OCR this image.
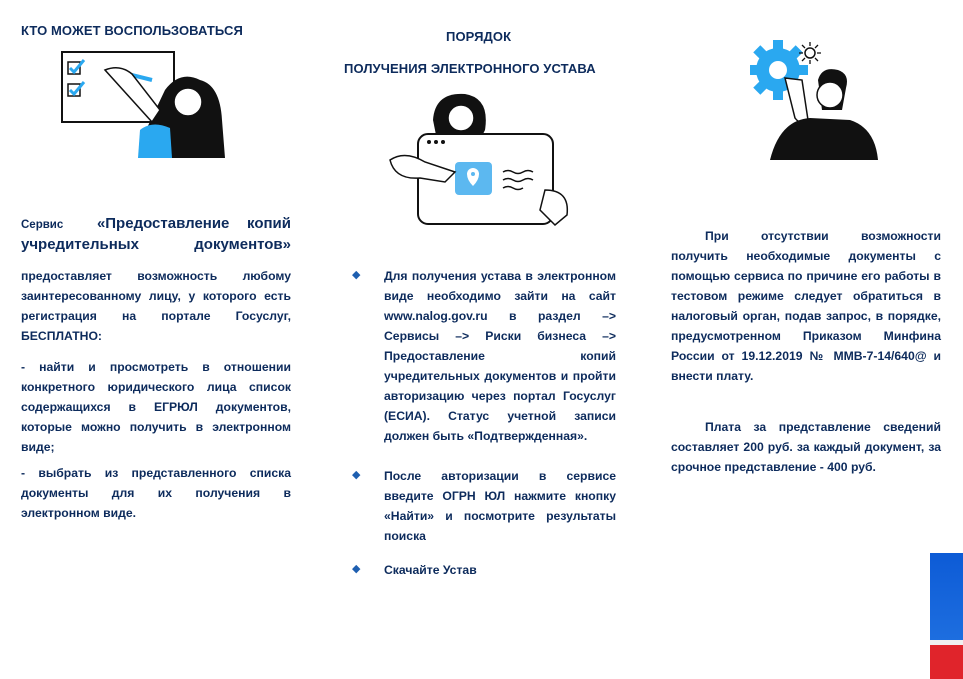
КТО МОЖЕТ ВОСПОЛЬЗОВАТЬСЯ
Сервис «Предоставление копий
учредительных документов»
предоставляет возможность любому заинтересованному лицу, у которого есть регистрация на портале Госуслуг, БЕСПЛАТНО:
- найти и просмотреть в отношении конкретного юридического лица список содержащихся в ЕГРЮЛ документов, которые можно получить в электронном виде;
- выбрать из представленного списка документы для их получения в электронном виде.
ПОРЯДОК
ПОЛУЧЕНИЯ ЭЛЕКТРОННОГО УСТАВА
◆ Для получения устава в электронном виде необходимо зайти на сайт www.nalog.gov.ru в раздел –> Сервисы –> Риски бизнеса –> Предоставление копий учредительных документов и пройти авторизацию через портал Госуслуг (ЕСИА). Статус учетной записи должен быть «Подтвержденная».
◆ После авторизации в сервисе введите ОГРН ЮЛ нажмите кнопку «Найти» и посмотрите результаты поиска
◆ Скачайте Устав
При отсутствии возможности получить необходимые документы с помощью сервиса по причине его работы в тестовом режиме следует обратиться в налоговый орган, подав запрос, в порядке, предусмотренном Приказом Минфина России от 19.12.2019 № ММВ-7-14/640@ и внести плату.
Плата за представление сведений составляет 200 руб. за каждый документ, за срочное представление - 400 руб.
